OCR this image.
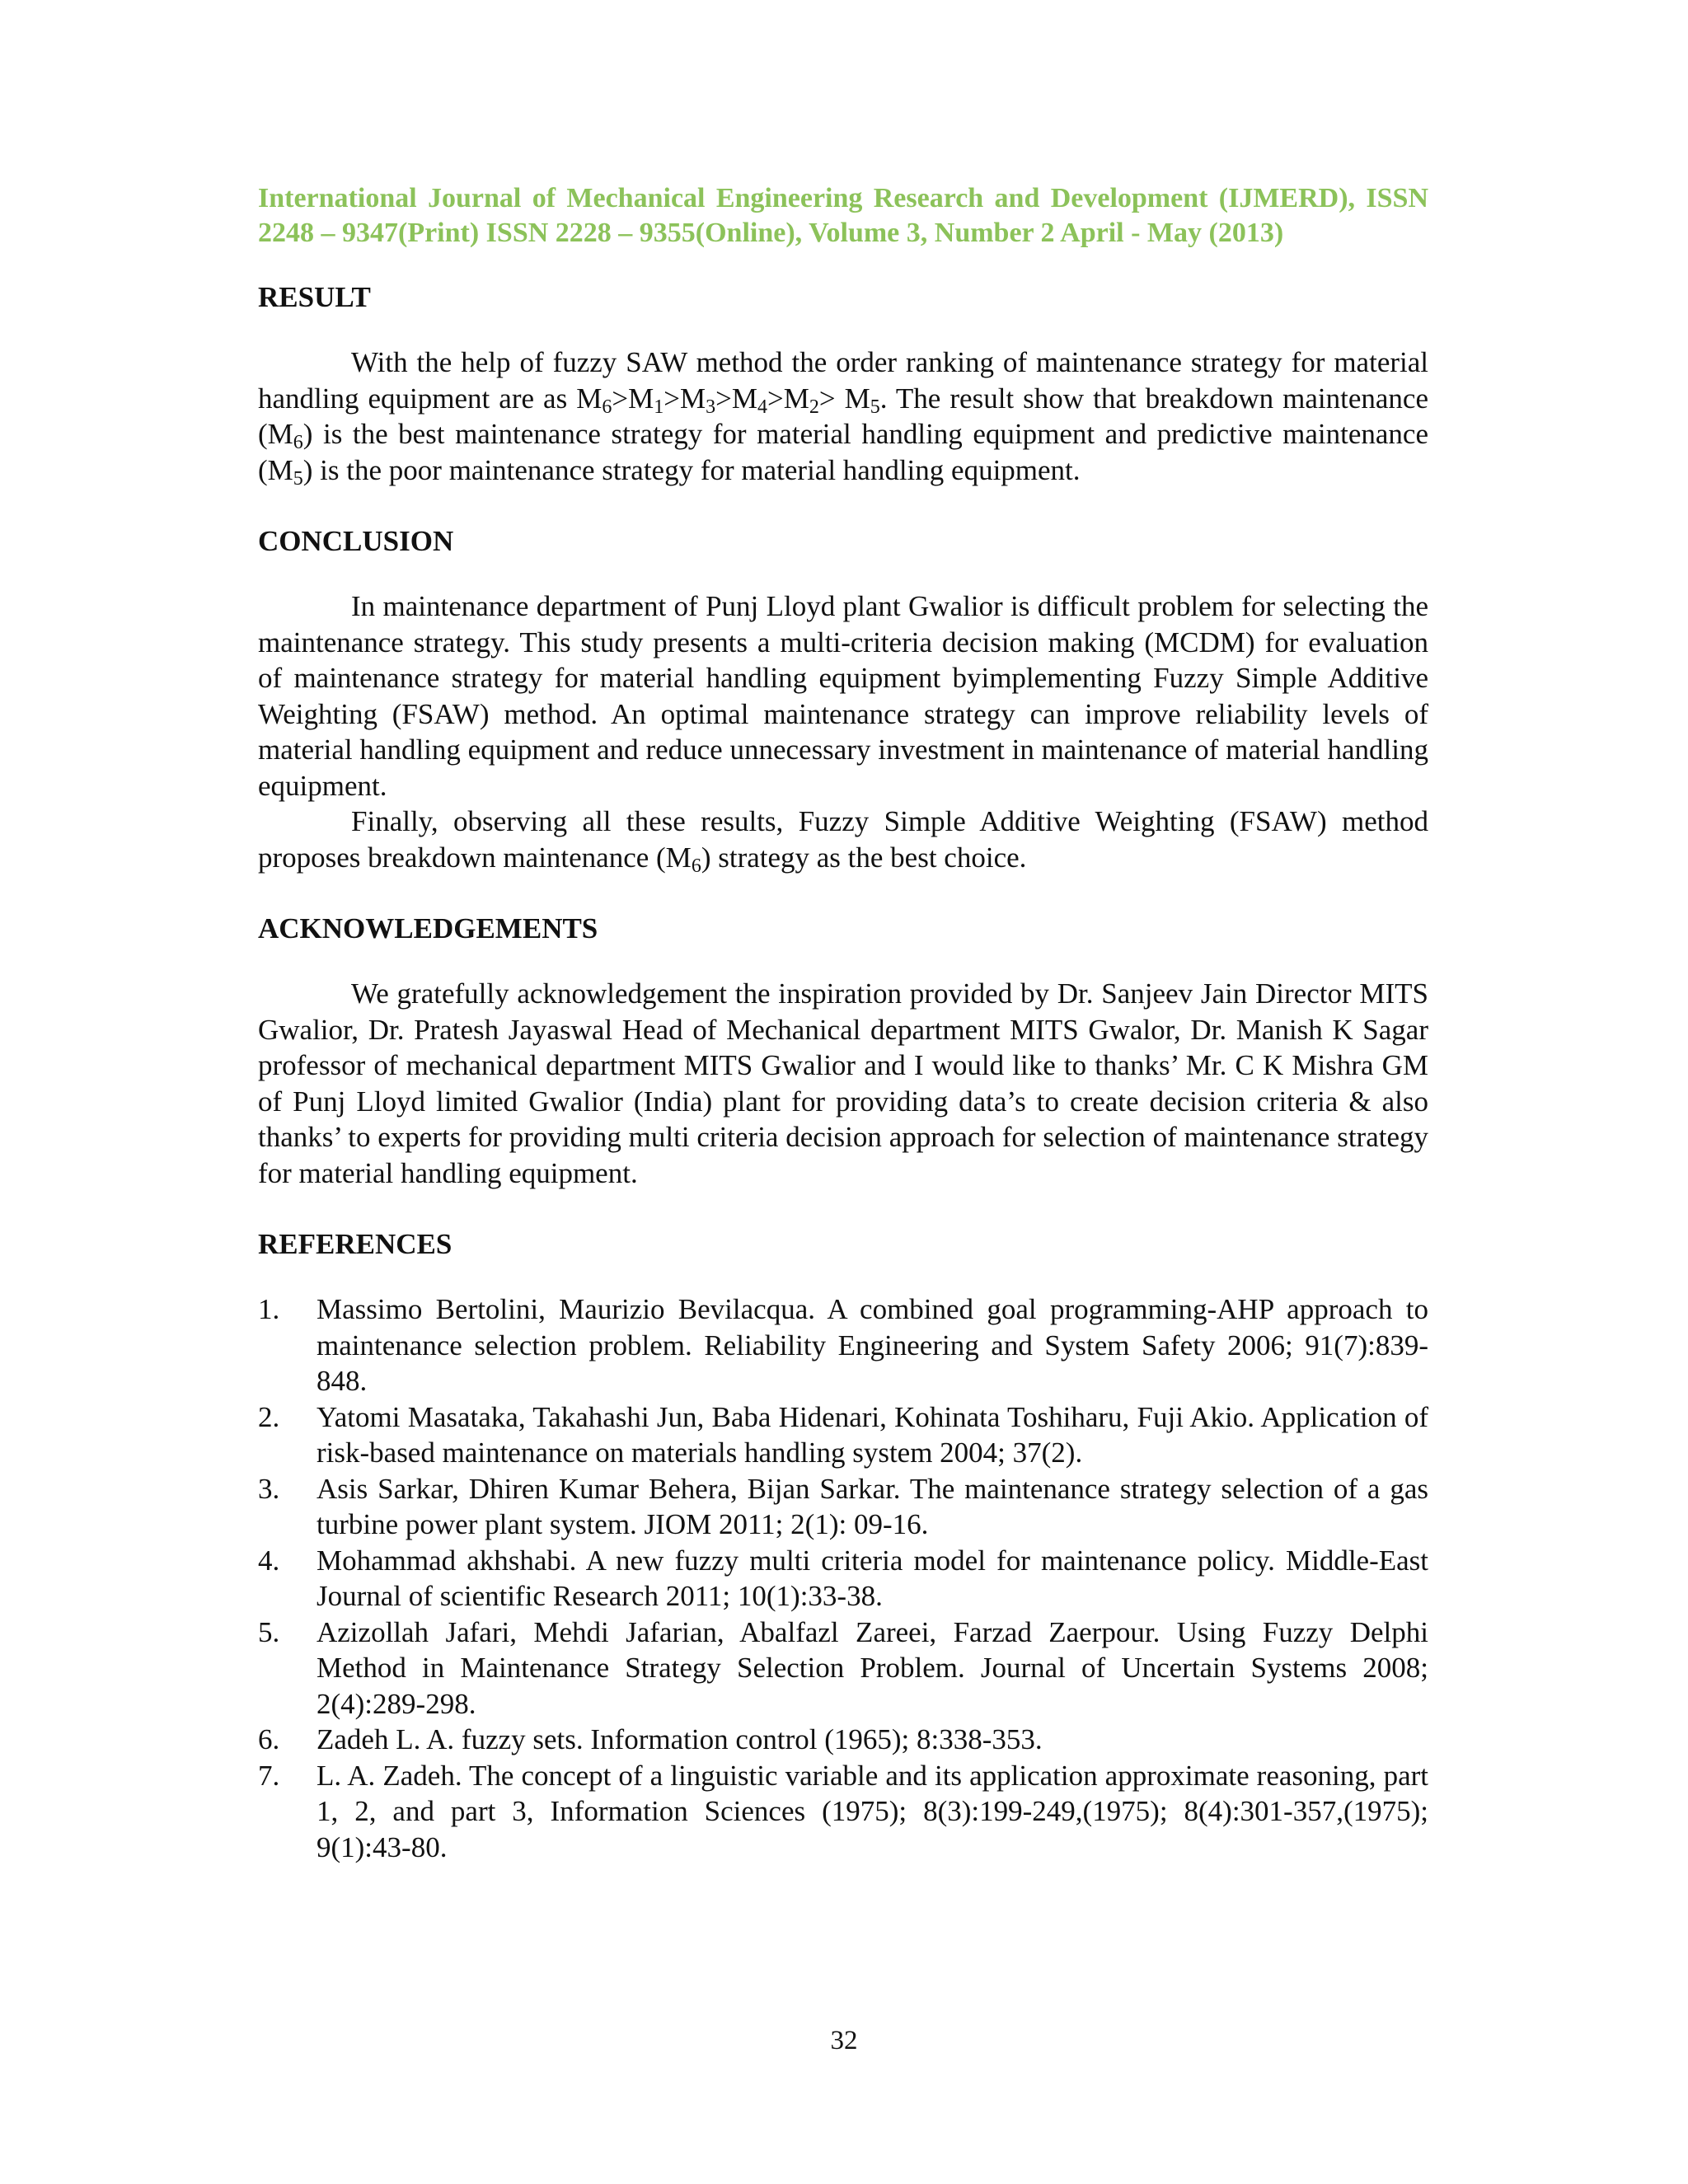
International Journal of Mechanical Engineering Research and Development (IJMERD), ISSN 2248 – 9347(Print) ISSN 2228 – 9355(Online), Volume 3, Number 2 April - May (2013)
RESULT

With the help of fuzzy SAW method the order ranking of maintenance strategy for material handling equipment are as $M_6>M_1>M_3>M_4>M_2> M_5$. The result show that breakdown maintenance $(M_6)$ is the best maintenance strategy for material handling equipment and predictive maintenance $(M_5)$ is the poor maintenance strategy for material handling equipment.

CONCLUSION

In maintenance department of Punj Lloyd plant Gwalior is difficult problem for selecting the maintenance strategy. This study presents a multi-criteria decision making (MCDM) for evaluation of maintenance strategy for material handling equipment byimplementing Fuzzy Simple Additive Weighting (FSAW) method. An optimal maintenance strategy can improve reliability levels of material handling equipment and reduce unnecessary investment in maintenance of material handling equipment.

Finally, observing all these results, Fuzzy Simple Additive Weighting (FSAW) method proposes breakdown maintenance $(M_6)$ strategy as the best choice.

ACKNOWLEDGEMENTS

We gratefully acknowledgement the inspiration provided by Dr. Sanjeev Jain Director MITS Gwalior, Dr. Pratesh Jayaswal Head of Mechanical department MITS Gwalor, Dr. Manish K Sagar professor of mechanical department MITS Gwalior and I would like to thanks’ Mr. C K Mishra GM of Punj Lloyd limited Gwalior (India) plant for providing data’s to create decision criteria & also thanks’ to experts for providing multi criteria decision approach for selection of maintenance strategy for material handling equipment.

REFERENCES
1. Massimo Bertolini, Maurizio Bevilacqua. A combined goal programming-AHP approach to maintenance selection problem. Reliability Engineering and System Safety 2006; 91(7):839-848.
2. Yatomi Masataka, Takahashi Jun, Baba Hidenari, Kohinata Toshiharu, Fuji Akio. Application of risk-based maintenance on materials handling system 2004; 37(2).
3. Asis Sarkar, Dhiren Kumar Behera, Bijan Sarkar. The maintenance strategy selection of a gas turbine power plant system. JIOM 2011; 2(1): 09-16.
4. Mohammad akhshabi. A new fuzzy multi criteria model for maintenance policy. Middle-East Journal of scientific Research 2011; 10(1):33-38.
5. Azizollah Jafari, Mehdi Jafarian, Abalfazl Zareei, Farzad Zaerpour. Using Fuzzy Delphi Method in Maintenance Strategy Selection Problem. Journal of Uncertain Systems 2008; 2(4):289-298.
6. Zadeh L. A. fuzzy sets. Information control (1965); 8:338-353.
7. L. A. Zadeh. The concept of a linguistic variable and its application approximate reasoning, part 1, 2, and part 3, Information Sciences (1975); 8(3):199-249,(1975); 8(4):301-357,(1975); 9(1):43-80.
32
